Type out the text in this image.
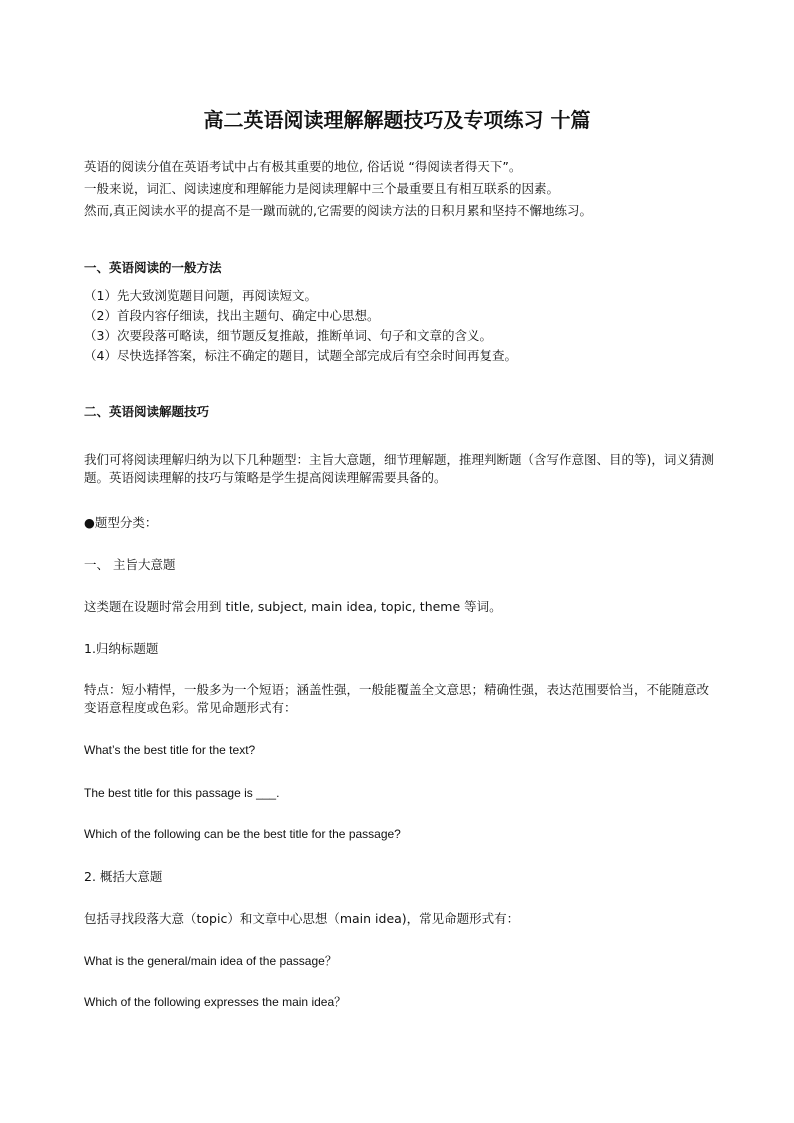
高二英语阅读理解解题技巧及专项练习 十篇

英语的阅读分值在英语考试中占有极其重要的地位, 俗话说 “得阅读者得天下”。

一般来说，词汇、阅读速度和理解能力是阅读理解中三个最重要且有相互联系的因素。

然而,真正阅读水平的提高不是一蹴而就的,它需要的阅读方法的日积月累和坚持不懈地练习。

一、英语阅读的一般方法

（1）先大致浏览题目问题，再阅读短文。

（2）首段内容仔细读，找出主题句、确定中心思想。

（3）次要段落可略读，细节题反复推敲，推断单词、句子和文章的含义。

（4）尽快选择答案，标注不确定的题目，试题全部完成后有空余时间再复查。

二、英语阅读解题技巧

我们可将阅读理解归纳为以下几种题型：主旨大意题，细节理解题，推理判断题（含写作意图、目的等)，词义猜测题。英语阅读理解的技巧与策略是学生提高阅读理解需要具备的。

●题型分类：

一、 主旨大意题

这类题在设题时常会用到 title, subject, main idea, topic, theme 等词。

1.归纳标题题

特点：短小精悍，一般多为一个短语；涵盖性强，一般能覆盖全文意思；精确性强，表达范围要恰当，不能随意改变语意程度或色彩。常见命题形式有：

What’s the best title for the text?

The best title for this passage is ___.

Which of the following can be the best title for the passage?

2. 概括大意题

包括寻找段落大意（topic）和文章中心思想（main idea)，常见命题形式有：

What is the general/main idea of the passage？

Which of the following expresses the main idea？
